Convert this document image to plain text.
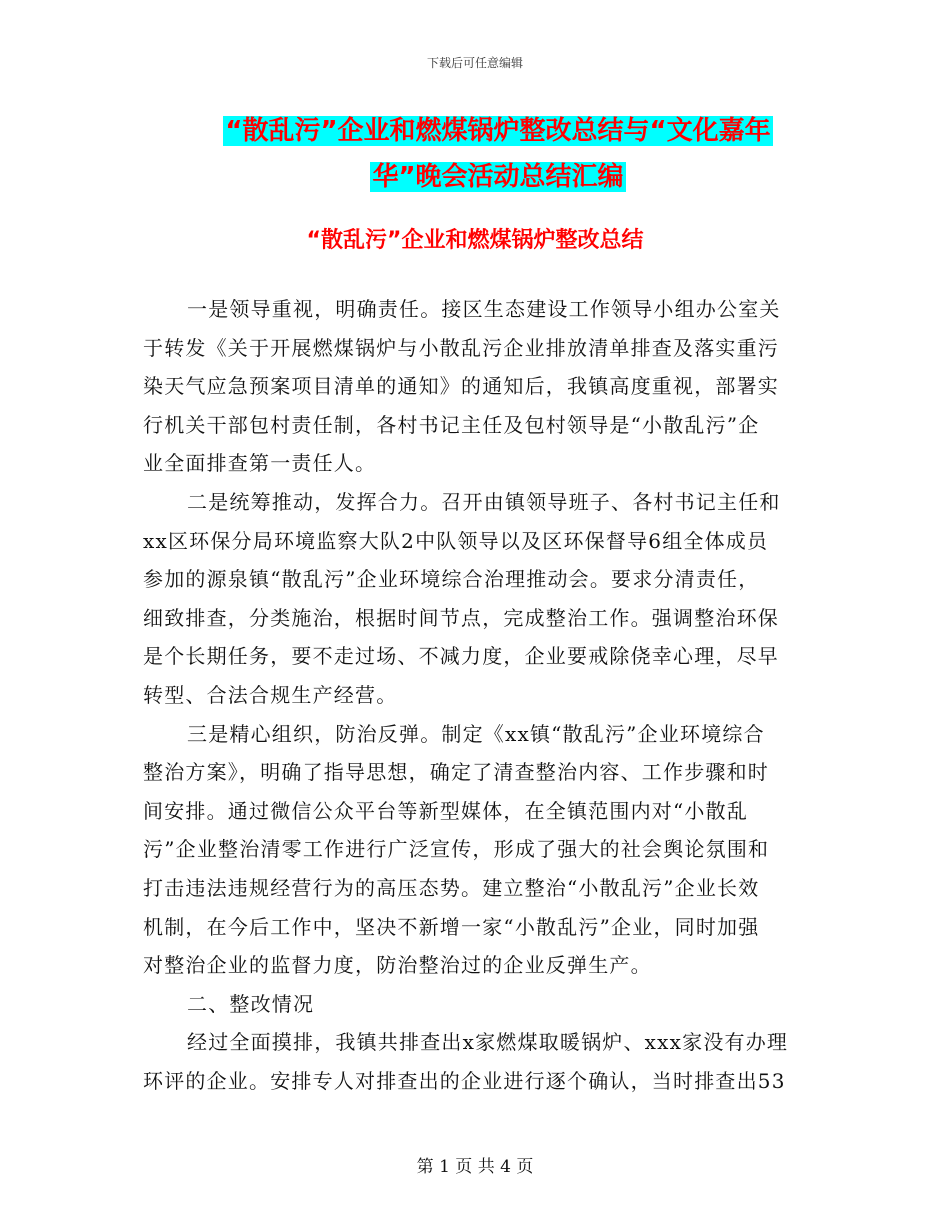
下载后可任意编辑
“散乱污”企业和燃煤锅炉整改总结与“文化嘉年
华”晚会活动总结汇编
“散乱污”企业和燃煤锅炉整改总结
一是领导重视，明确责任。接区生态建设工作领导小组办公室关
于转发《关于开展燃煤锅炉与小散乱污企业排放清单排查及落实重污
染天气应急预案项目清单的通知》的通知后，我镇高度重视，部署实
行机关干部包村责任制，各村书记主任及包村领导是“小散乱污”企
业全面排查第一责任人。
二是统筹推动，发挥合力。召开由镇领导班子、各村书记主任和
xx区环保分局环境监察大队2中队领导以及区环保督导6组全体成员
参加的源泉镇“散乱污”企业环境综合治理推动会。要求分清责任，
细致排查，分类施治，根据时间节点，完成整治工作。强调整治环保
是个长期任务，要不走过场、不减力度，企业要戒除侥幸心理，尽早
转型、合法合规生产经营。
三是精心组织，防治反弹。制定《xx镇“散乱污”企业环境综合
整治方案》，明确了指导思想，确定了清查整治内容、工作步骤和时
间安排。通过微信公众平台等新型媒体，在全镇范围内对“小散乱
污”企业整治清零工作进行广泛宣传，形成了强大的社会舆论氛围和
打击违法违规经营行为的高压态势。建立整治“小散乱污”企业长效
机制，在今后工作中，坚决不新增一家“小散乱污”企业，同时加强
对整治企业的监督力度，防治整治过的企业反弹生产。
二、整改情况
经过全面摸排，我镇共排查出x家燃煤取暖锅炉、xxx家没有办理
环评的企业。安排专人对排查出的企业进行逐个确认，当时排查出53
第 1 页 共 4 页
